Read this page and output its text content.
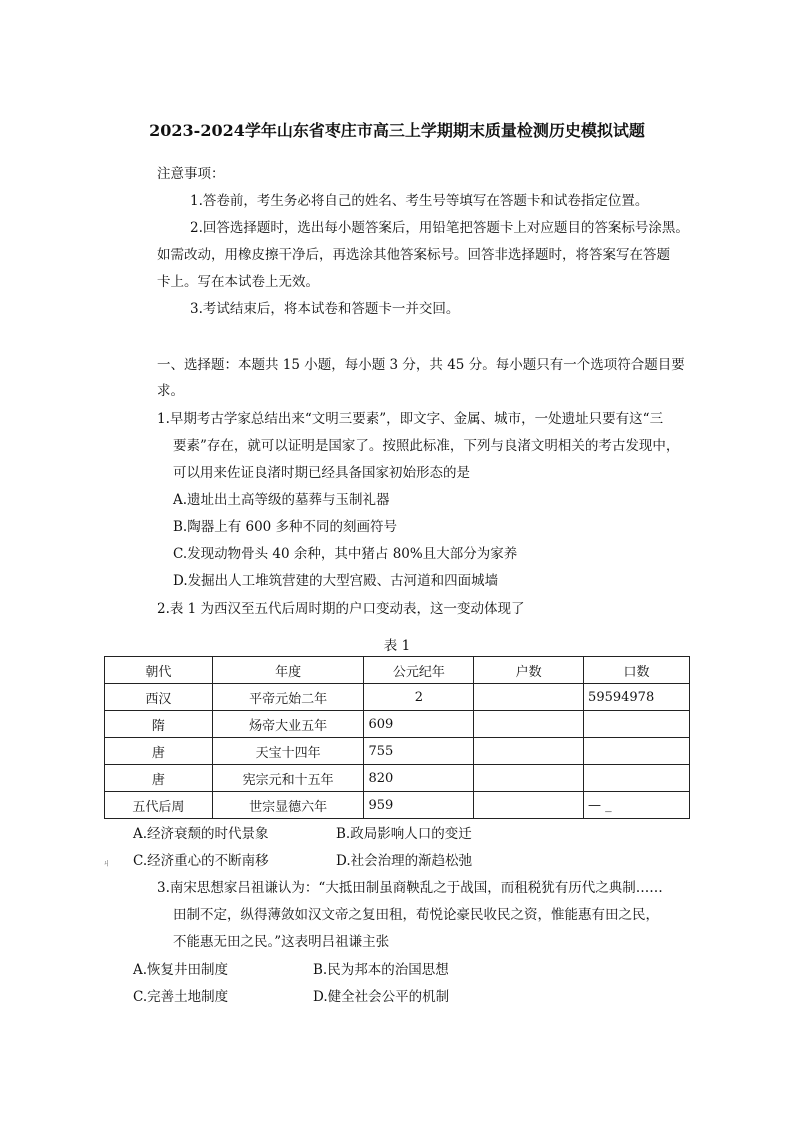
2023-2024学年山东省枣庄市高三上学期期末质量检测历史模拟试题
注意事项：
1.答卷前，考生务必将自己的姓名、考生号等填写在答题卡和试卷指定位置。
2.回答选择题时，选出每小题答案后，用铅笔把答题卡上对应题目的答案标号涂黑。
如需改动，用橡皮擦干净后，再选涂其他答案标号。回答非选择题时，将答案写在答题
卡上。写在本试卷上无效。
3.考试结束后，将本试卷和答题卡一并交回。
一、选择题：本题共 15 小题，每小题 3 分，共 45 分。每小题只有一个选项符合题目要
求。
1.早期考古学家总结出来“文明三要素”，即文字、金属、城市，一处遗址只要有这“三
要素”存在，就可以证明是国家了。按照此标准，下列与良渚文明相关的考古发现中，
可以用来佐证良渚时期已经具备国家初始形态的是
A.遗址出土高等级的墓葬与玉制礼器
B.陶器上有 600 多种不同的刻画符号
C.发现动物骨头 40 余种，其中猪占 80%且大部分为家养
D.发掘出人工堆筑营建的大型宫殿、古河道和四面城墙
2.表 1 为西汉至五代后周时期的户口变动表，这一变动体现了
表 1
朝代	年度	公元纪年	户数	口数
西汉	平帝元始二年	2		59594978
隋	炀帝大业五年	609		
唐	天宝十四年	755		
唐	宪宗元和十五年	820		
五代后周	世宗显德六年	959		— _
A.经济衰颓的时代景象	B.政局影响人口的变迁
ㄐ C.经济重心的不断南移	D.社会治理的渐趋松弛
3.南宋思想家吕祖谦认为：“大抵田制虽商鞅乱之于战国，而租税犹有历代之典制……
田制不定，纵得薄敛如汉文帝之复田租，荀悦论豪民收民之资，惟能惠有田之民，
不能惠无田之民。”这表明吕祖谦主张
A.恢复井田制度	B.民为邦本的治国思想
C.完善土地制度	D.健全社会公平的机制
